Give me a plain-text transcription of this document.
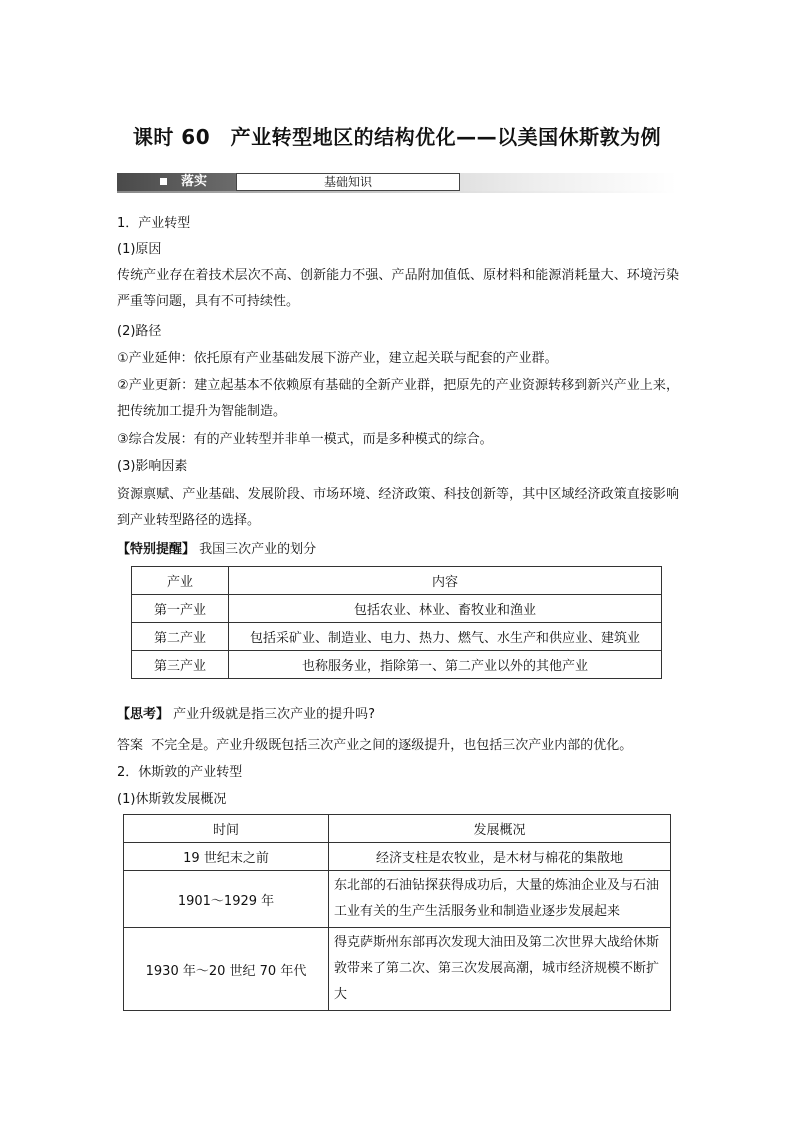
课时 60　产业转型地区的结构优化——以美国休斯敦为例
落实	基础知识
1．产业转型
(1)原因
传统产业存在着技术层次不高、创新能力不强、产品附加值低、原材料和能源消耗量大、环境污染严重等问题，具有不可持续性。
(2)路径
①产业延伸：依托原有产业基础发展下游产业，建立起关联与配套的产业群。
②产业更新：建立起基本不依赖原有基础的全新产业群，把原先的产业资源转移到新兴产业上来，把传统加工提升为智能制造。
③综合发展：有的产业转型并非单一模式，而是多种模式的综合。
(3)影响因素
资源禀赋、产业基础、发展阶段、市场环境、经济政策、科技创新等，其中区域经济政策直接影响到产业转型路径的选择。
【特别提醒】 我国三次产业的划分
产业	内容
第一产业	包括农业、林业、畜牧业和渔业
第二产业	包括采矿业、制造业、电力、热力、燃气、水生产和供应业、建筑业
第三产业	也称服务业，指除第一、第二产业以外的其他产业
【思考】 产业升级就是指三次产业的提升吗?
答案 不完全是。产业升级既包括三次产业之间的逐级提升，也包括三次产业内部的优化。
2．休斯敦的产业转型
(1)休斯敦发展概况
时间	发展概况
19 世纪末之前	经济支柱是农牧业，是木材与棉花的集散地
1901～1929 年	东北部的石油钻探获得成功后，大量的炼油企业及与石油工业有关的生产生活服务业和制造业逐步发展起来
1930 年～20 世纪 70 年代	得克萨斯州东部再次发现大油田及第二次世界大战给休斯敦带来了第二次、第三次发展高潮，城市经济规模不断扩大
